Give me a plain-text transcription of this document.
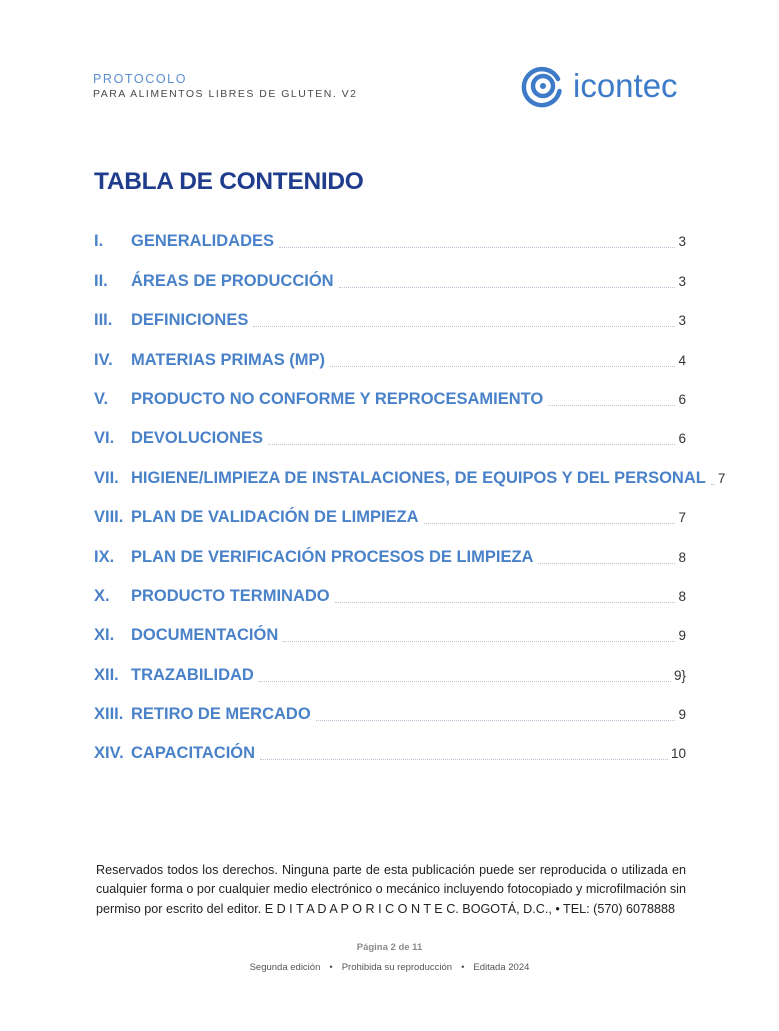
PROTOCOLO
PARA ALIMENTOS LIBRES DE GLUTEN. V2	icontec
TABLA DE CONTENIDO
I.	GENERALIDADES	3
II.	ÁREAS DE PRODUCCIÓN	3
III.	DEFINICIONES	3
IV.	MATERIAS PRIMAS (MP)	4
V.	PRODUCTO NO CONFORME Y REPROCESAMIENTO	6
VI.	DEVOLUCIONES	6
VII. HIGIENE/LIMPIEZA DE INSTALACIONES, DE EQUIPOS Y DEL PERSONAL 7
VIII. PLAN DE VALIDACIÓN DE LIMPIEZA	7
IX.	PLAN DE VERIFICACIÓN PROCESOS DE LIMPIEZA	8
X.	PRODUCTO TERMINADO	8
XI.	DOCUMENTACIÓN	9
XII. TRAZABILIDAD	9}
XIII. RETIRO DE MERCADO	9
XIV. CAPACITACIÓN	10

Reservados todos los derechos. Ninguna parte de esta publicación puede ser reproducida o utilizada en cualquier forma o por cualquier medio electrónico o mecánico incluyendo fotocopiado y microfilmación sin permiso por escrito del editor. E D I T A D A P O R I C O N T E C. BOGOTÁ, D.C., • TEL: (570) 6078888

Página 2 de 11
Segunda edición • Prohibida su reproducción • Editada 2024
